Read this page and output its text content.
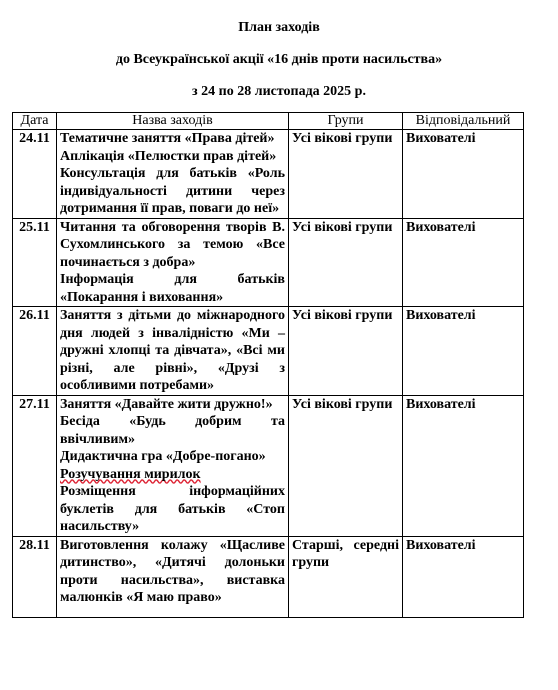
План заходів
до Всеукраїнської акції «16 днів проти насильства»
з 24 по 28 листопада 2025 р.
Дата	Назва заходів	Групи	Відповідальний
24.11	Тематичне заняття «Права дітей»
Аплікація «Пелюстки прав дітей»
Консультація для батьків «Роль індивідуальності дитини через дотримання її прав, поваги до неї»	Усі вікові групи	Вихователі
25.11	Читання та обговорення творів В. Сухомлинського за темою «Все починається з добра»
Інформація для батьків «Покарання і виховання»	Усі вікові групи	Вихователі
26.11	Заняття з дітьми до міжнародного дня людей з інвалідністю «Ми – дружні хлопці та дівчата», «Всі ми різні, але рівні», «Друзі з особливими потребами»	Усі вікові групи	Вихователі
27.11	Заняття «Давайте жити дружно!»
Бесіда «Будь добрим та ввічливим»
Дидактична гра «Добре-погано»
Розучування мирилок
Розміщення інформаційних буклетів для батьків «Стоп насильству»	Усі вікові групи	Вихователі
28.11	Виготовлення колажу «Щасливе дитинство», «Дитячі долоньки проти насильства», виставка малюнків «Я маю право»	Старші, середні групи	Вихователі
